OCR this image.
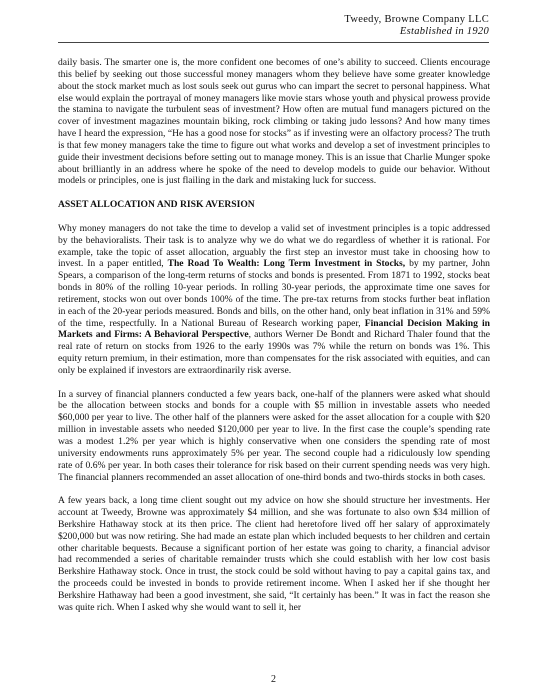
Tweedy, Browne Company LLC
Established in 1920

daily basis. The smarter one is, the more confident one becomes of one’s ability to succeed. Clients encourage this belief by seeking out those successful money managers whom they believe have some greater knowledge about the stock market much as lost souls seek out gurus who can impart the secret to personal happiness. What else would explain the portrayal of money managers like movie stars whose youth and physical prowess provide the stamina to navigate the turbulent seas of investment? How often are mutual fund managers pictured on the cover of investment magazines mountain biking, rock climbing or taking judo lessons? And how many times have I heard the expression, “He has a good nose for stocks” as if investing were an olfactory process? The truth is that few money managers take the time to figure out what works and develop a set of investment principles to guide their investment decisions before setting out to manage money. This is an issue that Charlie Munger spoke about brilliantly in an address where he spoke of the need to develop models to guide our behavior. Without models or principles, one is just flailing in the dark and mistaking luck for success.

ASSET ALLOCATION AND RISK AVERSION

Why money managers do not take the time to develop a valid set of investment principles is a topic addressed by the behavioralists. Their task is to analyze why we do what we do regardless of whether it is rational. For example, take the topic of asset allocation, arguably the first step an investor must take in choosing how to invest. In a paper entitled, The Road To Wealth: Long Term Investment in Stocks, by my partner, John Spears, a comparison of the long-term returns of stocks and bonds is presented. From 1871 to 1992, stocks beat bonds in 80% of the rolling 10-year periods. In rolling 30-year periods, the approximate time one saves for retirement, stocks won out over bonds 100% of the time. The pre-tax returns from stocks further beat inflation in each of the 20-year periods measured. Bonds and bills, on the other hand, only beat inflation in 31% and 59% of the time, respectfully. In a National Bureau of Research working paper, Financial Decision Making in Markets and Firms: A Behavioral Perspective, authors Werner De Bondt and Richard Thaler found that the real rate of return on stocks from 1926 to the early 1990s was 7% while the return on bonds was 1%. This equity return premium, in their estimation, more than compensates for the risk associated with equities, and can only be explained if investors are extraordinarily risk averse.

In a survey of financial planners conducted a few years back, one-half of the planners were asked what should be the allocation between stocks and bonds for a couple with $5 million in investable assets who needed $60,000 per year to live. The other half of the planners were asked for the asset allocation for a couple with $20 million in investable assets who needed $120,000 per year to live. In the first case the couple’s spending rate was a modest 1.2% per year which is highly conservative when one considers the spending rate of most university endowments runs approximately 5% per year. The second couple had a ridiculously low spending rate of 0.6% per year. In both cases their tolerance for risk based on their current spending needs was very high. The financial planners recommended an asset allocation of one-third bonds and two-thirds stocks in both cases.

A few years back, a long time client sought out my advice on how she should structure her investments. Her account at Tweedy, Browne was approximately $4 million, and she was fortunate to also own $34 million of Berkshire Hathaway stock at its then price. The client had heretofore lived off her salary of approximately $200,000 but was now retiring. She had made an estate plan which included bequests to her children and certain other charitable bequests. Because a significant portion of her estate was going to charity, a financial advisor had recommended a series of charitable remainder trusts which she could establish with her low cost basis Berkshire Hathaway stock. Once in trust, the stock could be sold without having to pay a capital gains tax, and the proceeds could be invested in bonds to provide retirement income. When I asked her if she thought her Berkshire Hathaway had been a good investment, she said, “It certainly has been.” It was in fact the reason she was quite rich. When I asked why she would want to sell it, her

2
